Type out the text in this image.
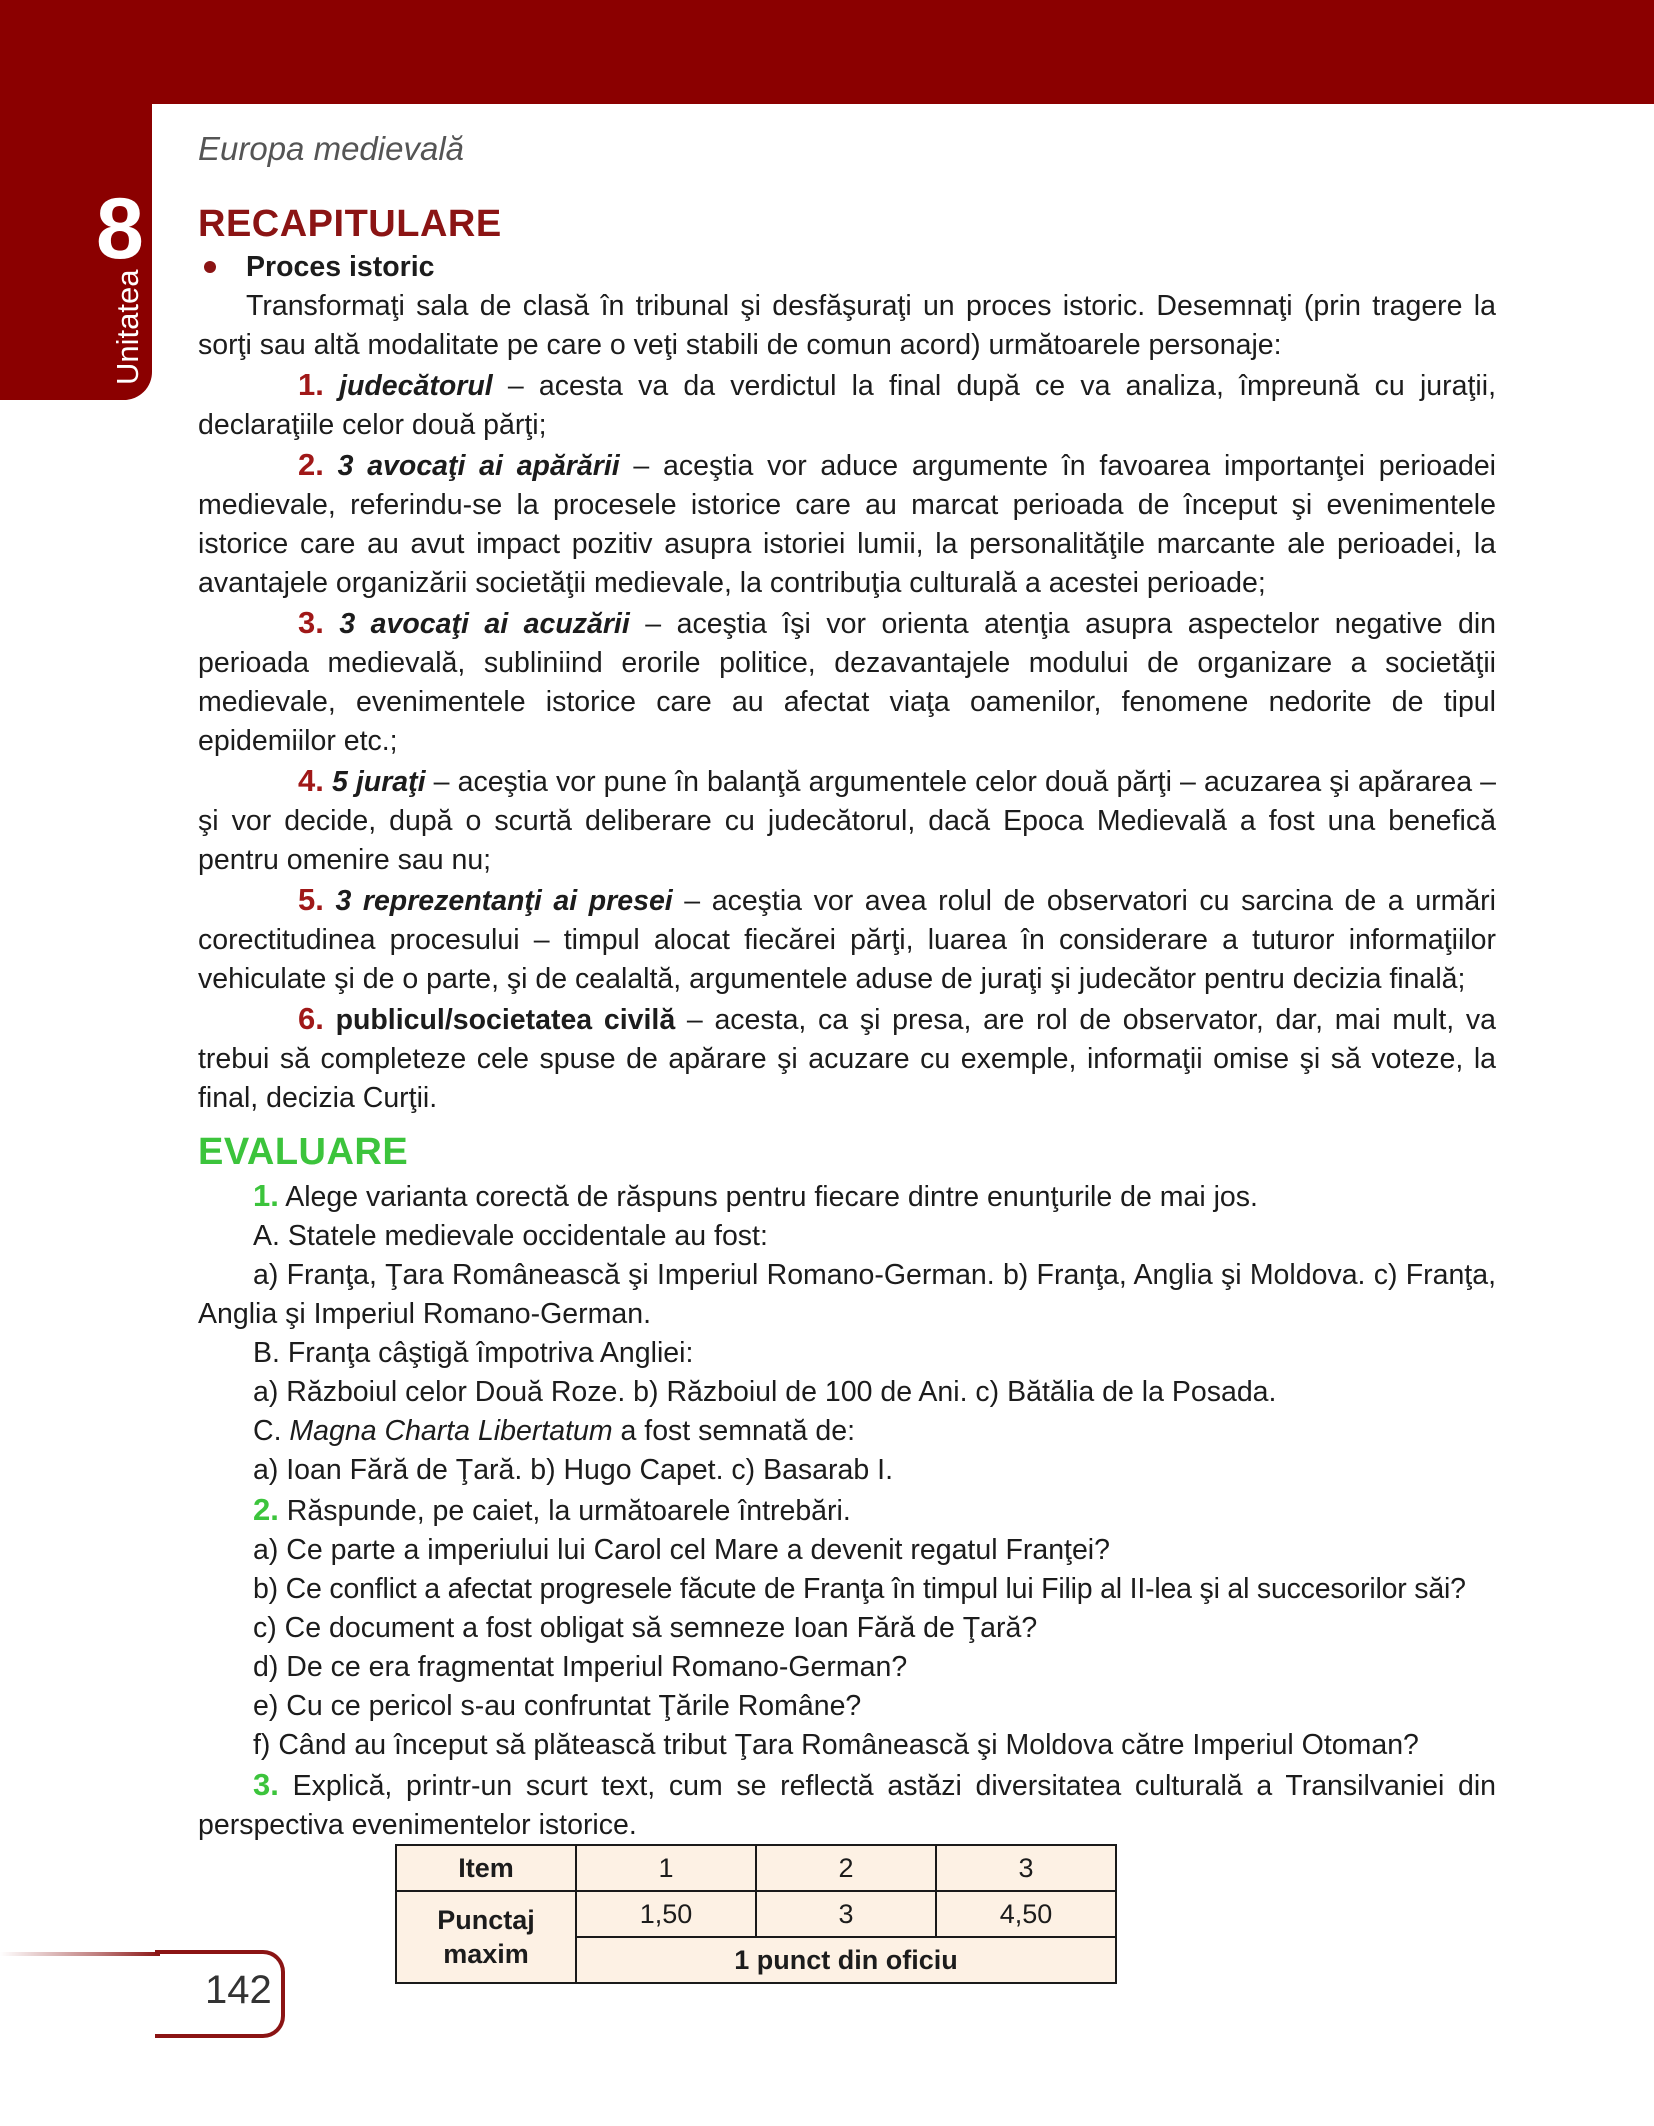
8
Unitatea
Europa medievală
RECAPITULARE
Proces istoric

Transformaţi sala de clasă în tribunal şi desfăşuraţi un proces istoric. Desemnaţi (prin tragere la sorţi sau altă modalitate pe care o veţi stabili de comun acord) următoarele personaje:

1. judecătorul – acesta va da verdictul la final după ce va analiza, împreună cu juraţii, declaraţiile celor două părţi;

2. 3 avocaţi ai apărării – aceştia vor aduce argumente în favoarea importanţei perioadei medievale, referindu-se la procesele istorice care au marcat perioada de început şi evenimentele istorice care au avut impact pozitiv asupra istoriei lumii, la personalităţile marcante ale perioadei, la avantajele organizării societăţii medievale, la contribuţia culturală a acestei perioade;

3. 3 avocaţi ai acuzării – aceştia îşi vor orienta atenţia asupra aspectelor negative din perioada medievală, subliniind erorile politice, dezavantajele modului de organizare a societăţii medievale, evenimentele istorice care au afectat viaţa oamenilor, fenomene nedorite de tipul epidemiilor etc.;

4. 5 juraţi – aceştia vor pune în balanţă argumentele celor două părţi – acuzarea şi apărarea – şi vor decide, după o scurtă deliberare cu judecătorul, dacă Epoca Medievală a fost una benefică pentru omenire sau nu;

5. 3 reprezentanţi ai presei – aceştia vor avea rolul de observatori cu sarcina de a urmări corectitudinea procesului – timpul alocat fiecărei părţi, luarea în considerare a tuturor informaţiilor vehiculate şi de o parte, şi de cealaltă, argumentele aduse de juraţi şi judecător pentru decizia finală;

6. publicul/societatea civilă – acesta, ca şi presa, are rol de observator, dar, mai mult, va trebui să completeze cele spuse de apărare şi acuzare cu exemple, informaţii omise şi să voteze, la final, decizia Curţii.

EVALUARE

1. Alege varianta corectă de răspuns pentru fiecare dintre enunţurile de mai jos.

A. Statele medievale occidentale au fost:

a) Franţa, Ţara Românească şi Imperiul Romano-German. b) Franţa, Anglia şi Moldova. c) Franţa, Anglia şi Imperiul Romano-German.

B. Franţa câştigă împotriva Angliei:

a) Războiul celor Două Roze. b) Războiul de 100 de Ani. c) Bătălia de la Posada.

C. Magna Charta Libertatum a fost semnată de:

a) Ioan Fără de Ţară. b) Hugo Capet. c) Basarab I.

2. Răspunde, pe caiet, la următoarele întrebări.

a) Ce parte a imperiului lui Carol cel Mare a devenit regatul Franţei?

b) Ce conflict a afectat progresele făcute de Franţa în timpul lui Filip al II-lea şi al succesorilor săi?

c) Ce document a fost obligat să semneze Ioan Fără de Ţară?

d) De ce era fragmentat Imperiul Romano-German?

e) Cu ce pericol s-au confruntat Ţările Române?

f) Când au început să plătească tribut Ţara Românească şi Moldova către Imperiul Otoman?

3. Explică, printr-un scurt text, cum se reflectă astăzi diversitatea culturală a Transilvaniei din perspectiva evenimentelor istorice.

Item	1	2	3
Punctaj maxim	1,50	3	4,50
	1 punct din oficiu		
142
